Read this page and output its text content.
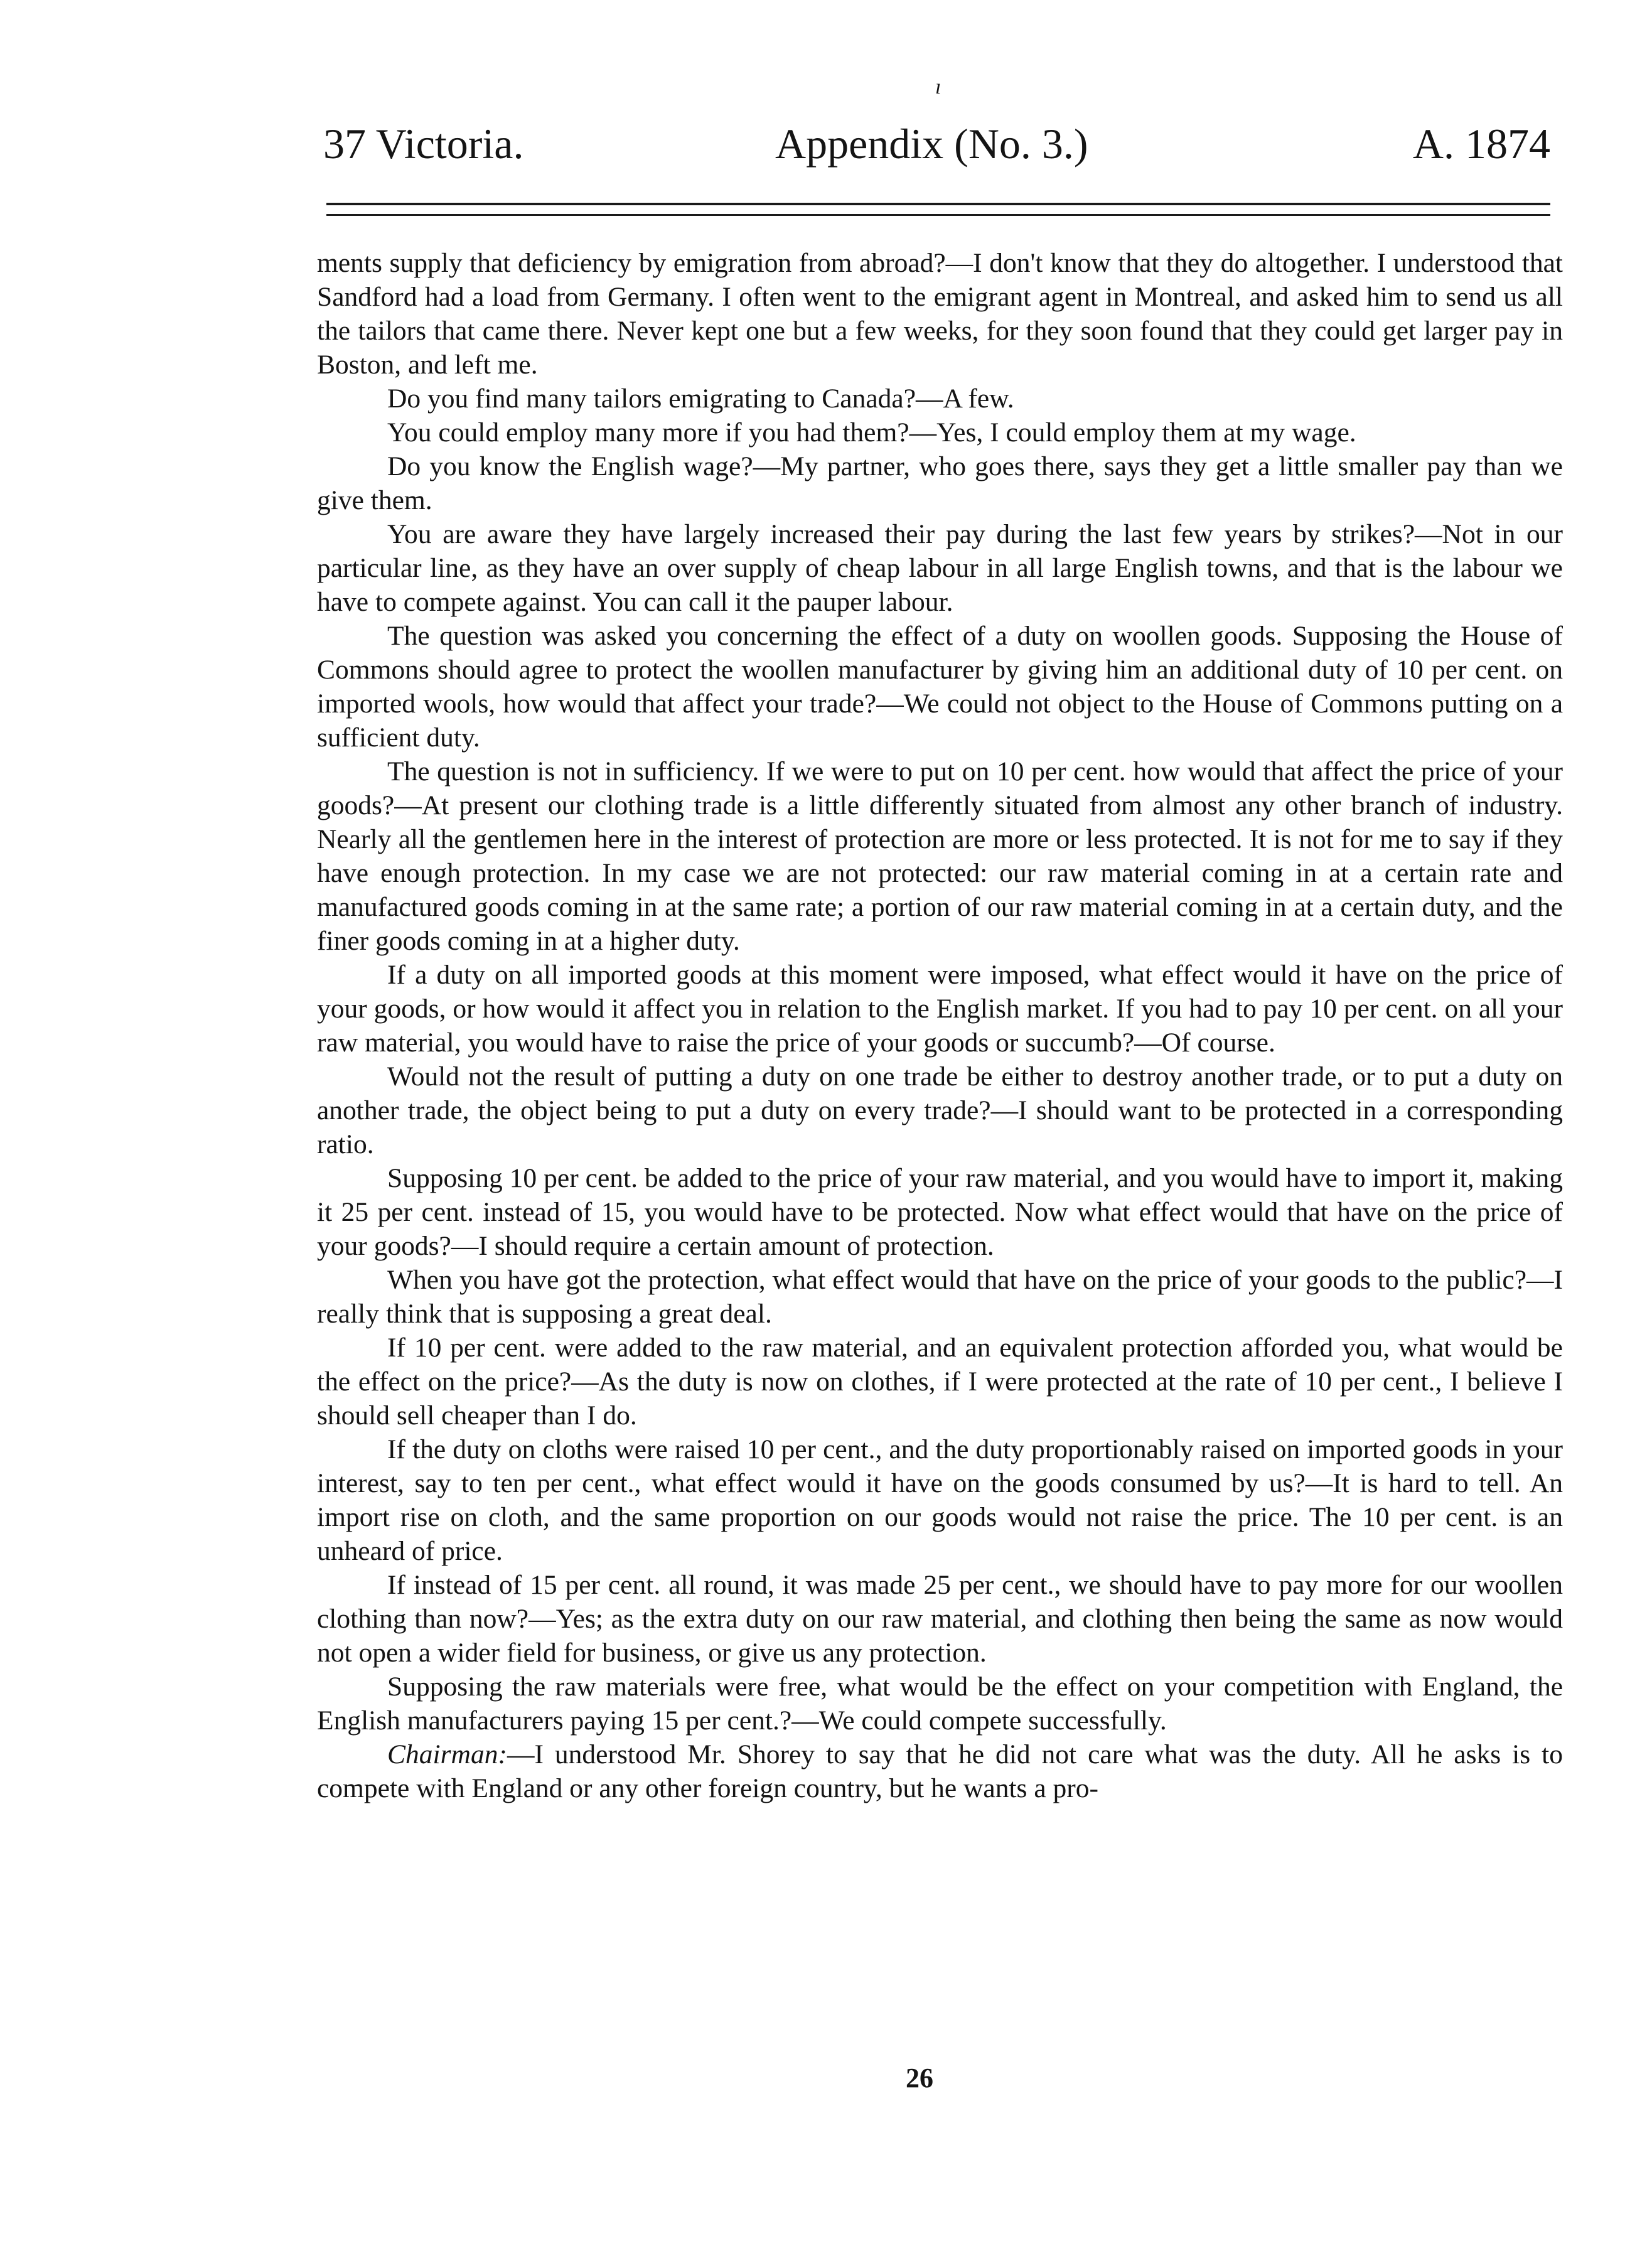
ı
37 Victoria.	Appendix (No. 3.)	A. 1874

ments supply that deficiency by emigration from abroad?—I don't know that they do altogether. I understood that Sandford had a load from Germany. I often went to the emigrant agent in Montreal, and asked him to send us all the tailors that came there. Never kept one but a few weeks, for they soon found that they could get larger pay in Boston, and left me.

Do you find many tailors emigrating to Canada?—A few.

You could employ many more if you had them?—Yes, I could employ them at my wage.

Do you know the English wage?—My partner, who goes there, says they get a little smaller pay than we give them.

You are aware they have largely increased their pay during the last few years by strikes?—Not in our particular line, as they have an over supply of cheap labour in all large English towns, and that is the labour we have to compete against. You can call it the pauper labour.

The question was asked you concerning the effect of a duty on woollen goods. Supposing the House of Commons should agree to protect the woollen manufacturer by giving him an additional duty of 10 per cent. on imported wools, how would that affect your trade?—We could not object to the House of Commons putting on a sufficient duty.

The question is not in sufficiency. If we were to put on 10 per cent. how would that affect the price of your goods?—At present our clothing trade is a little differently situated from almost any other branch of industry. Nearly all the gentlemen here in the interest of protection are more or less protected. It is not for me to say if they have enough protection. In my case we are not protected: our raw material coming in at a certain rate and manufactured goods coming in at the same rate; a portion of our raw material coming in at a certain duty, and the finer goods coming in at a higher duty.

If a duty on all imported goods at this moment were imposed, what effect would it have on the price of your goods, or how would it affect you in relation to the English market. If you had to pay 10 per cent. on all your raw material, you would have to raise the price of your goods or succumb?—Of course.

Would not the result of putting a duty on one trade be either to destroy another trade, or to put a duty on another trade, the object being to put a duty on every trade?—I should want to be protected in a corresponding ratio.

Supposing 10 per cent. be added to the price of your raw material, and you would have to import it, making it 25 per cent. instead of 15, you would have to be protected. Now what effect would that have on the price of your goods?—I should require a certain amount of protection.

When you have got the protection, what effect would that have on the price of your goods to the public?—I really think that is supposing a great deal.

If 10 per cent. were added to the raw material, and an equivalent protection afforded you, what would be the effect on the price?—As the duty is now on clothes, if I were protected at the rate of 10 per cent., I believe I should sell cheaper than I do.

If the duty on cloths were raised 10 per cent., and the duty proportionably raised on imported goods in your interest, say to ten per cent., what effect would it have on the goods consumed by us?—It is hard to tell. An import rise on cloth, and the same proportion on our goods would not raise the price. The 10 per cent. is an unheard of price.

If instead of 15 per cent. all round, it was made 25 per cent., we should have to pay more for our woollen clothing than now?—Yes; as the extra duty on our raw material, and clothing then being the same as now would not open a wider field for business, or give us any protection.

Supposing the raw materials were free, what would be the effect on your competition with England, the English manufacturers paying 15 per cent.?—We could compete successfully.

Chairman:—I understood Mr. Shorey to say that he did not care what was the duty. All he asks is to compete with England or any other foreign country, but he wants a pro-

26
